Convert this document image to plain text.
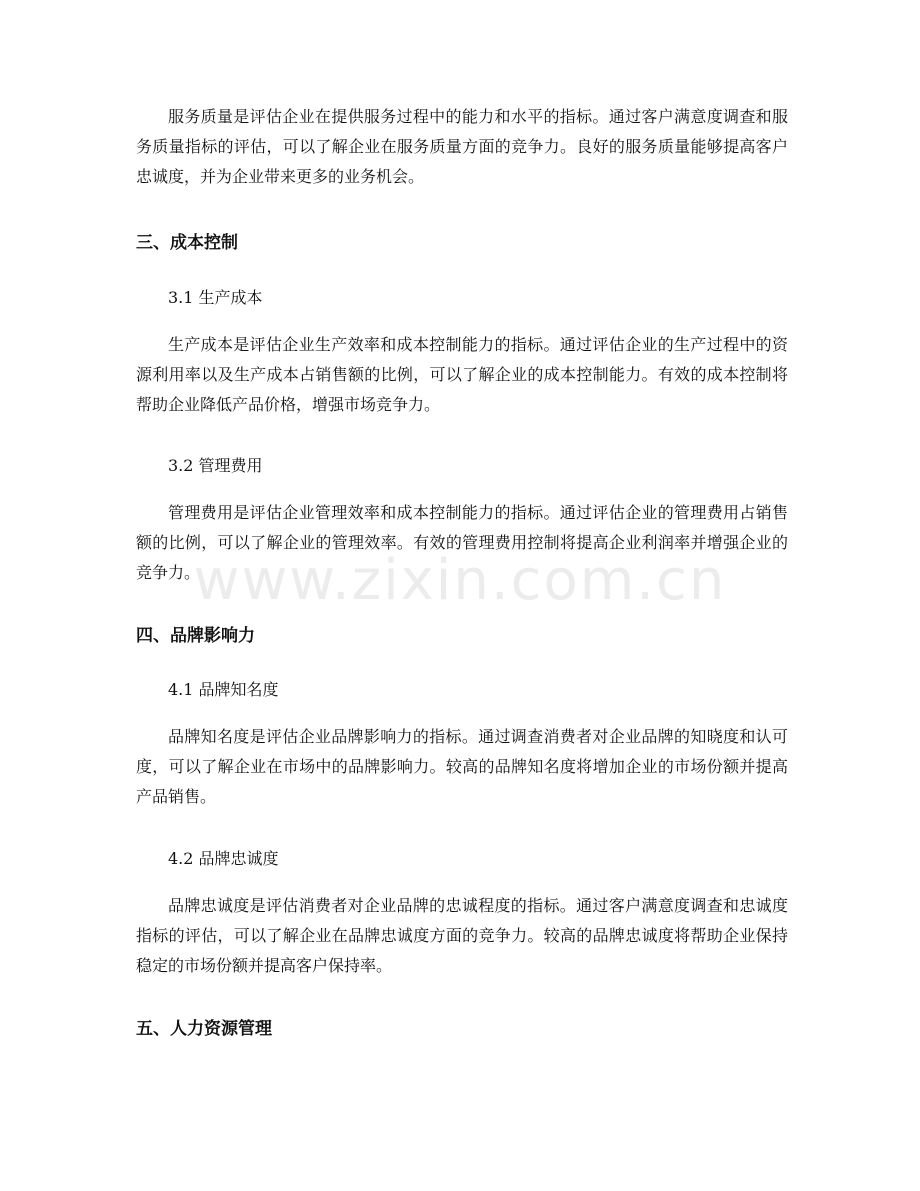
服务质量是评估企业在提供服务过程中的能力和水平的指标。通过客户满意度调查和服务质量指标的评估，可以了解企业在服务质量方面的竞争力。良好的服务质量能够提高客户忠诚度，并为企业带来更多的业务机会。

三、成本控制
3.1 生产成本

生产成本是评估企业生产效率和成本控制能力的指标。通过评估企业的生产过程中的资源利用率以及生产成本占销售额的比例，可以了解企业的成本控制能力。有效的成本控制将帮助企业降低产品价格，增强市场竞争力。

3.2 管理费用

管理费用是评估企业管理效率和成本控制能力的指标。通过评估企业的管理费用占销售额的比例，可以了解企业的管理效率。有效的管理费用控制将提高企业利润率并增强企业的竞争力。

四、品牌影响力
4.1 品牌知名度

品牌知名度是评估企业品牌影响力的指标。通过调查消费者对企业品牌的知晓度和认可度，可以了解企业在市场中的品牌影响力。较高的品牌知名度将增加企业的市场份额并提高产品销售。

4.2 品牌忠诚度

品牌忠诚度是评估消费者对企业品牌的忠诚程度的指标。通过客户满意度调查和忠诚度指标的评估，可以了解企业在品牌忠诚度方面的竞争力。较高的品牌忠诚度将帮助企业保持稳定的市场份额并提高客户保持率。

五、人力资源管理
www.zixin.com.cn
